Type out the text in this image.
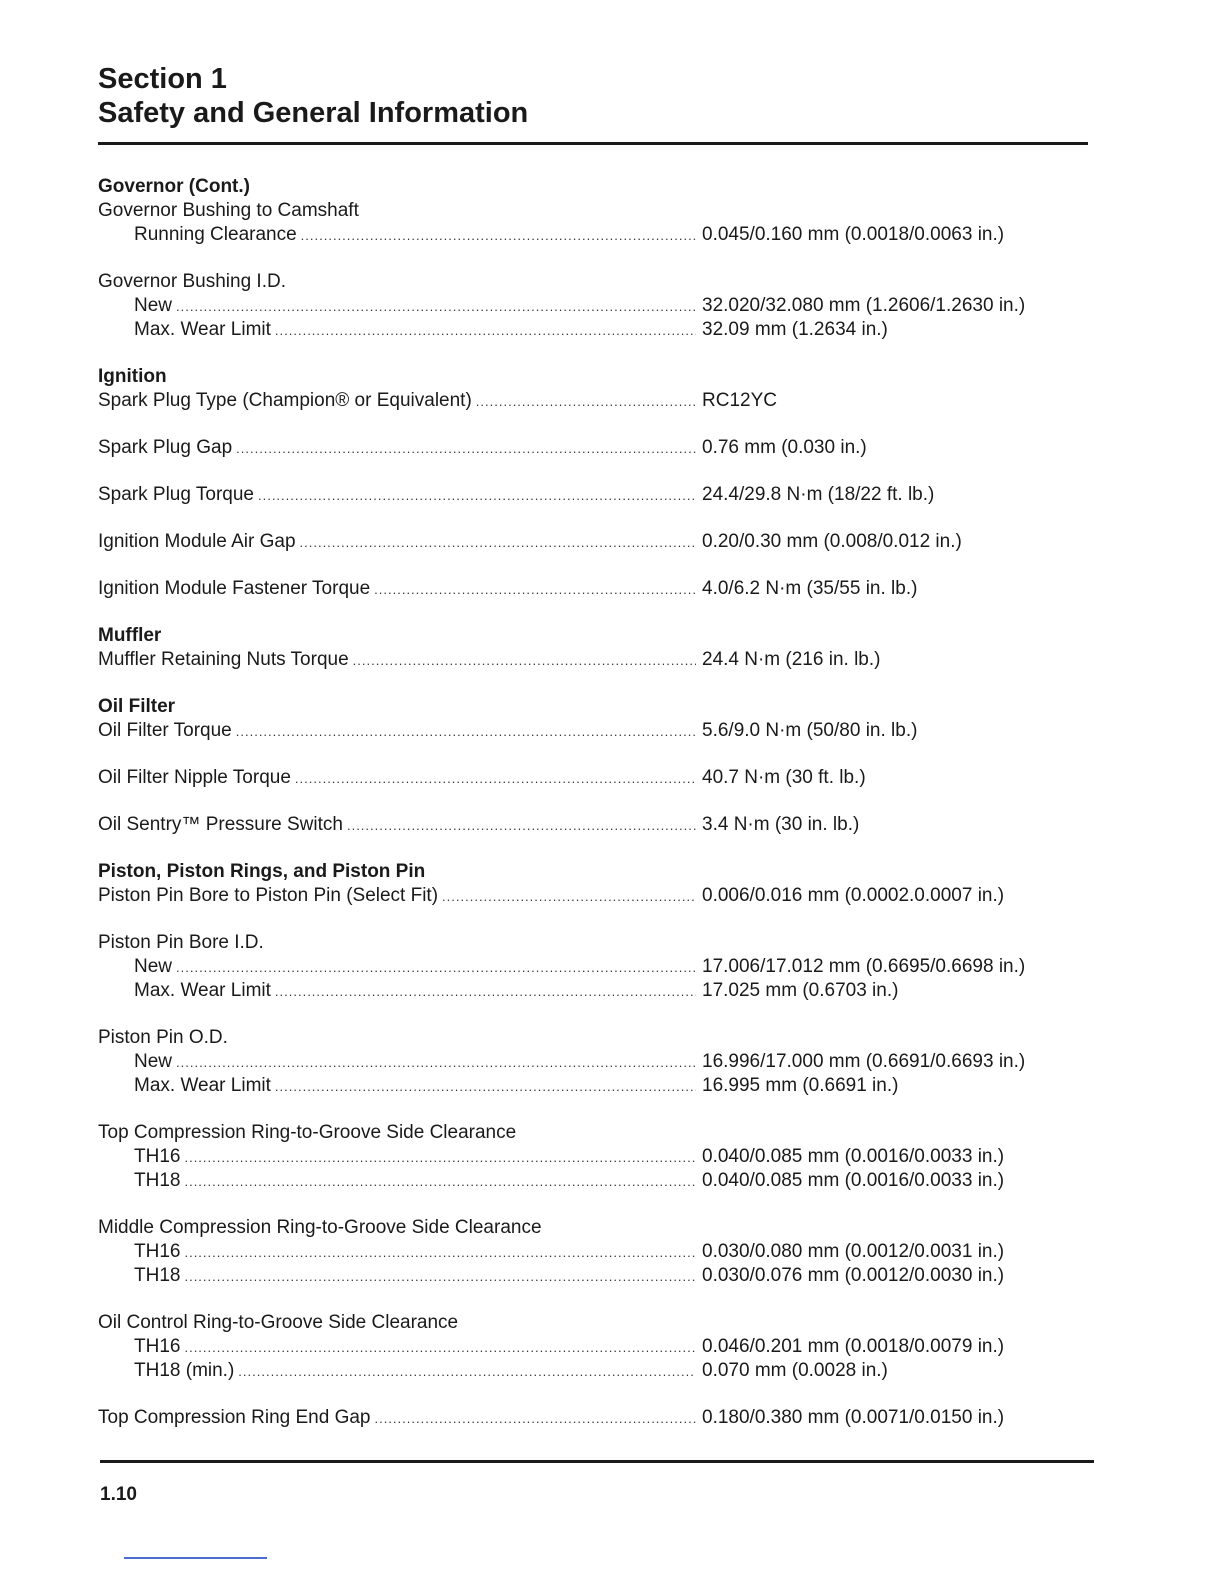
Section 1
Safety and General Information
Governor (Cont.)
Governor Bushing to Camshaft
Running Clearance .....	0.045/0.160 mm (0.0018/0.0063 in.)
Governor Bushing I.D.
New .....	32.020/32.080 mm (1.2606/1.2630 in.)
Max. Wear Limit .....	32.09 mm (1.2634 in.)
Ignition
Spark Plug Type (Champion® or Equivalent) .....	RC12YC
Spark Plug Gap .....	0.76 mm (0.030 in.)
Spark Plug Torque .....	24.4/29.8 N·m (18/22 ft. lb.)
Ignition Module Air Gap .....	0.20/0.30 mm (0.008/0.012 in.)
Ignition Module Fastener Torque .....	4.0/6.2 N·m (35/55 in. lb.)
Muffler
Muffler Retaining Nuts Torque .....	24.4 N·m (216 in. lb.)
Oil Filter
Oil Filter Torque .....	5.6/9.0 N·m (50/80 in. lb.)
Oil Filter Nipple Torque .....	40.7 N·m (30 ft. lb.)
Oil Sentry™ Pressure Switch .....	3.4 N·m (30 in. lb.)
Piston, Piston Rings, and Piston Pin
Piston Pin Bore to Piston Pin (Select Fit) .....	0.006/0.016 mm (0.0002.0.0007 in.)
Piston Pin Bore I.D.
New .....	17.006/17.012 mm (0.6695/0.6698 in.)
Max. Wear Limit .....	17.025 mm (0.6703 in.)
Piston Pin O.D.
New .....	16.996/17.000 mm (0.6691/0.6693 in.)
Max. Wear Limit .....	16.995 mm (0.6691 in.)
Top Compression Ring-to-Groove Side Clearance
TH16 .....	0.040/0.085 mm (0.0016/0.0033 in.)
TH18 .....	0.040/0.085 mm (0.0016/0.0033 in.)
Middle Compression Ring-to-Groove Side Clearance
TH16 .....	0.030/0.080 mm (0.0012/0.0031 in.)
TH18 .....	0.030/0.076 mm (0.0012/0.0030 in.)
Oil Control Ring-to-Groove Side Clearance
TH16 .....	0.046/0.201 mm (0.0018/0.0079 in.)
TH18 (min.) .....	0.070 mm (0.0028 in.)
Top Compression Ring End Gap .....	0.180/0.380 mm (0.0071/0.0150 in.)
1.10
